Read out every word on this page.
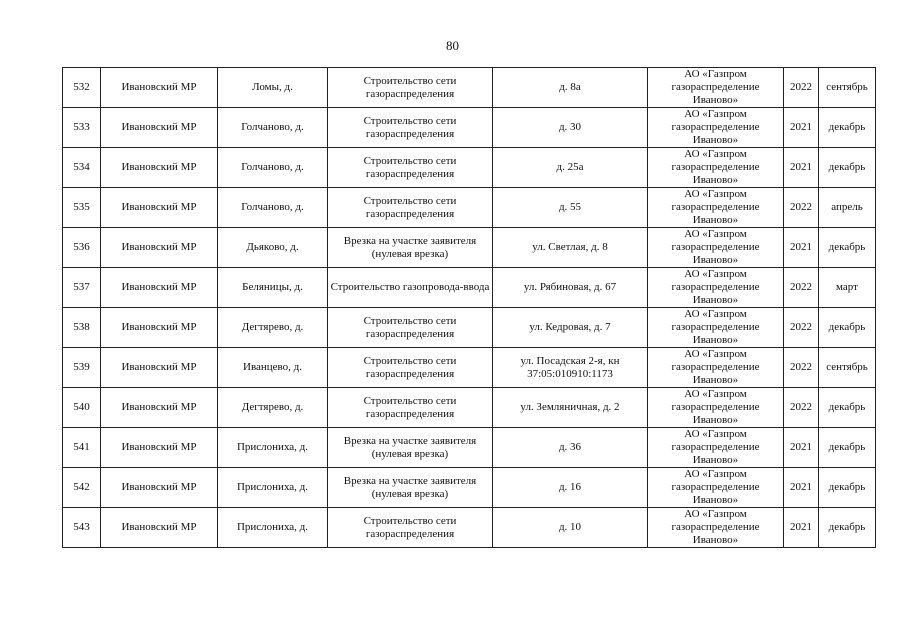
80
532	Ивановский МР	Ломы, д.	Строительство сети газораспределения	д. 8а	АО «Газпром газораспределение Иваново»	2022	сентябрь
533	Ивановский МР	Голчаново, д.	Строительство сети газораспределения	д. 30	АО «Газпром газораспределение Иваново»	2021	декабрь
534	Ивановский МР	Голчаново, д.	Строительство сети газораспределения	д. 25а	АО «Газпром газораспределение Иваново»	2021	декабрь
535	Ивановский МР	Голчаново, д.	Строительство сети газораспределения	д. 55	АО «Газпром газораспределение Иваново»	2022	апрель
536	Ивановский МР	Дьяково, д.	Врезка на участке заявителя (нулевая врезка)	ул. Светлая, д. 8	АО «Газпром газораспределение Иваново»	2021	декабрь
537	Ивановский МР	Беляницы, д.	Строительство газопровода-ввода	ул. Рябиновая, д. 67	АО «Газпром газораспределение Иваново»	2022	март
538	Ивановский МР	Дегтярево, д.	Строительство сети газораспределения	ул. Кедровая, д. 7	АО «Газпром газораспределение Иваново»	2022	декабрь
539	Ивановский МР	Иванцево, д.	Строительство сети газораспределения	ул. Посадская 2-я, кн 37:05:010910:1173	АО «Газпром газораспределение Иваново»	2022	сентябрь
540	Ивановский МР	Дегтярево, д.	Строительство сети газораспределения	ул. Земляничная, д. 2	АО «Газпром газораспределение Иваново»	2022	декабрь
541	Ивановский МР	Прислониха, д.	Врезка на участке заявителя (нулевая врезка)	д. 36	АО «Газпром газораспределение Иваново»	2021	декабрь
542	Ивановский МР	Прислониха, д.	Врезка на участке заявителя (нулевая врезка)	д. 16	АО «Газпром газораспределение Иваново»	2021	декабрь
543	Ивановский МР	Прислониха, д.	Строительство сети газораспределения	д. 10	АО «Газпром газораспределение Иваново»	2021	декабрь
